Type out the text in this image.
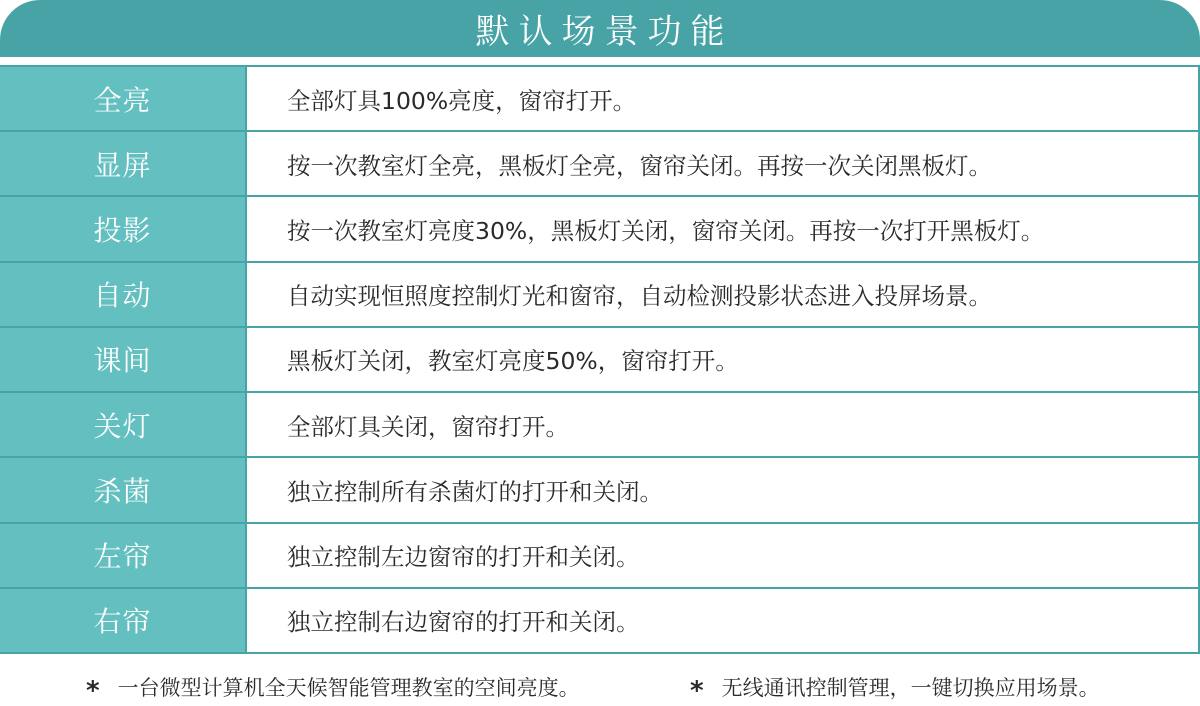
默认场景功能
全亮	全部灯具100%亮度，窗帘打开。
显屏	按一次教室灯全亮，黑板灯全亮，窗帘关闭。再按一次关闭黑板灯。
投影	按一次教室灯亮度30%，黑板灯关闭，窗帘关闭。再按一次打开黑板灯。
自动	自动实现恒照度控制灯光和窗帘，自动检测投影状态进入投屏场景。
课间	黑板灯关闭，教室灯亮度50%，窗帘打开。
关灯	全部灯具关闭，窗帘打开。
杀菌	独立控制所有杀菌灯的打开和关闭。
左帘	独立控制左边窗帘的打开和关闭。
右帘	独立控制右边窗帘的打开和关闭。
* 一台微型计算机全天候智能管理教室的空间亮度。	* 无线通讯控制管理，一键切换应用场景。
